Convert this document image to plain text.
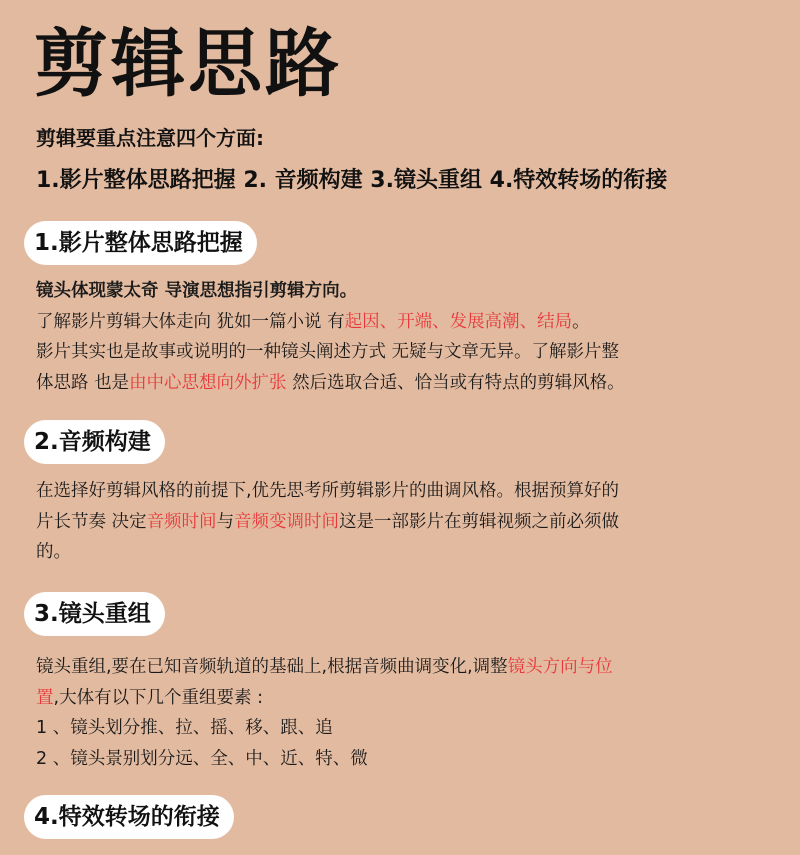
剪辑思路
剪辑要重点注意四个方面:
1.影片整体思路把握 2. 音频构建 3.镜头重组 4.特效转场的衔接
1.影片整体思路把握
镜头体现蒙太奇 导演思想指引剪辑方向。
了解影片剪辑大体走向 犹如一篇小说 有起因、开端、发展高潮、结局。
影片其实也是故事或说明的一种镜头阐述方式 无疑与文章无异。了解影片整
体思路 也是由中心思想向外扩张 然后选取合适、恰当或有特点的剪辑风格。
2.音频构建
在选择好剪辑风格的前提下,优先思考所剪辑影片的曲调风格。根据预算好的
片长节奏 决定音频时间与音频变调时间这是一部影片在剪辑视频之前必须做
的。
3.镜头重组
镜头重组,要在已知音频轨道的基础上,根据音频曲调变化,调整镜头方向与位
置,大体有以下几个重组要素 :
1 、镜头划分推、拉、摇、移、跟、追
2 、镜头景别划分远、全、中、近、特、微
4.特效转场的衔接
